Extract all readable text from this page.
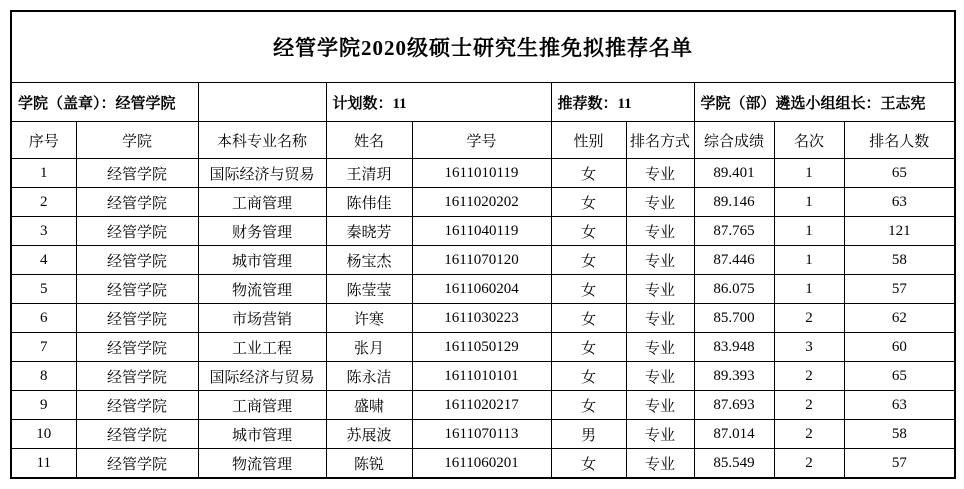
经管学院2020级硕士研究生推免拟推荐名单									
学院（盖章）：经管学院			计划数：11		推荐数：11		学院（部）遴选小组组长：王志宪		
序号	学院	本科专业名称	姓名	学号	性别	排名方式	综合成绩	名次	排名人数
1	经管学院	国际经济与贸易	王清玥	1611010119	女	专业	89.401	1	65
2	经管学院	工商管理	陈伟佳	1611020202	女	专业	89.146	1	63
3	经管学院	财务管理	秦晓芳	1611040119	女	专业	87.765	1	121
4	经管学院	城市管理	杨宝杰	1611070120	女	专业	87.446	1	58
5	经管学院	物流管理	陈莹莹	1611060204	女	专业	86.075	1	57
6	经管学院	市场营销	许寒	1611030223	女	专业	85.700	2	62
7	经管学院	工业工程	张月	1611050129	女	专业	83.948	3	60
8	经管学院	国际经济与贸易	陈永洁	1611010101	女	专业	89.393	2	65
9	经管学院	工商管理	盛啸	1611020217	女	专业	87.693	2	63
10	经管学院	城市管理	苏展波	1611070113	男	专业	87.014	2	58
11	经管学院	物流管理	陈锐	1611060201	女	专业	85.549	2	57
